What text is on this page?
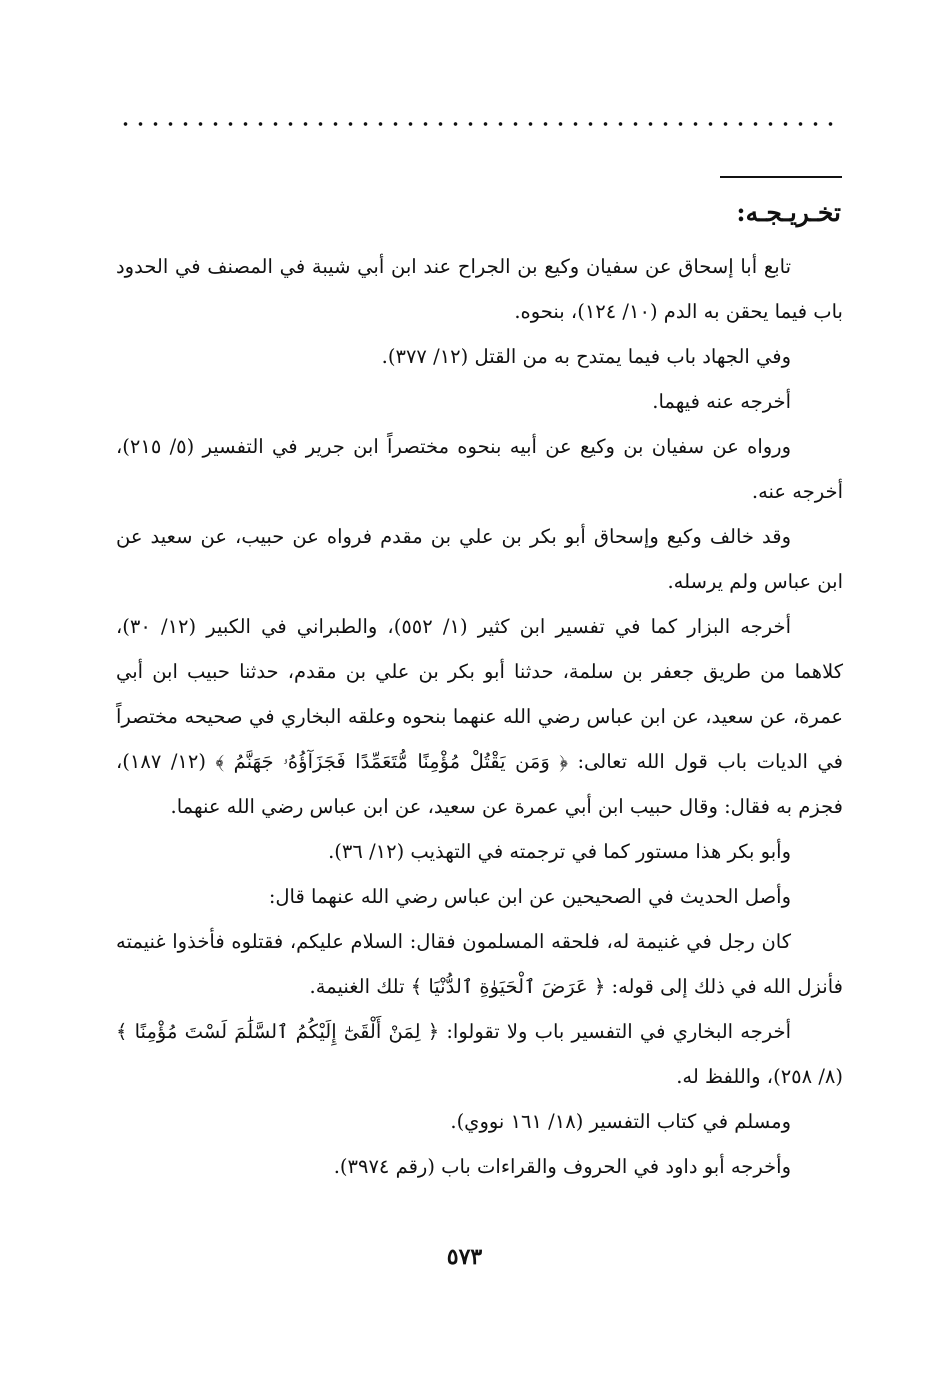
تخـريـجـه:

تابع أبا إسحاق عن سفيان وكيع بن الجراح عند ابن أبي شيبة في المصنف في الحدود باب فيما يحقن به الدم (١٠/ ١٢٤)، بنحوه.

وفي الجهاد باب فيما يمتدح به من القتل (١٢/ ٣٧٧).

أخرجه عنه فيهما.

ورواه عن سفيان بن وكيع عن أبيه بنحوه مختصراً ابن جرير في التفسير (٥/ ٢١٥)، أخرجه عنه.

وقد خالف وكيع وإسحاق أبو بكر بن علي بن مقدم فرواه عن حبيب، عن سعيد عن ابن عباس ولم يرسله.

أخرجه البزار كما في تفسير ابن كثير (١/ ٥٥٢)، والطبراني في الكبير (١٢/ ٣٠)، كلاهما من طريق جعفر بن سلمة، حدثنا أبو بكر بن علي بن مقدم، حدثنا حبيب ابن أبي عمرة، عن سعيد، عن ابن عباس رضي الله عنهما بنحوه وعلقه البخاري في صحيحه مختصراً في الديات باب قول الله تعالى: ﴿ وَمَن يَقْتُلْ مُؤْمِنًا مُّتَعَمِّدًا فَجَزَآؤُهُۥ جَهَنَّمُ ﴾ (١٢/ ١٨٧)، فجزم به فقال: وقال حبيب ابن أبي عمرة عن سعيد، عن ابن عباس رضي الله عنهما.

وأبو بكر هذا مستور كما في ترجمته في التهذيب (١٢/ ٣٦).

وأصل الحديث في الصحيحين عن ابن عباس رضي الله عنهما قال:

كان رجل في غنيمة له، فلحقه المسلمون فقال: السلام عليكم، فقتلوه فأخذوا غنيمته فأنزل الله في ذلك إلى قوله: ﴿ عَرَضَ ٱلْحَيَوٰةِ ٱلدُّنْيَا ﴾ تلك الغنيمة.

أخرجه البخاري في التفسير باب ولا تقولوا: ﴿ لِمَنْ أَلْقَىٰٓ إِلَيْكُمُ ٱلسَّلَٰمَ لَسْتَ مُؤْمِنًا ﴾ (٨/ ٢٥٨)، واللفظ له.

ومسلم في كتاب التفسير (١٨/ ١٦١ نووي).

وأخرجه أبو داود في الحروف والقراءات باب (رقم ٣٩٧٤).

٥٧٣
